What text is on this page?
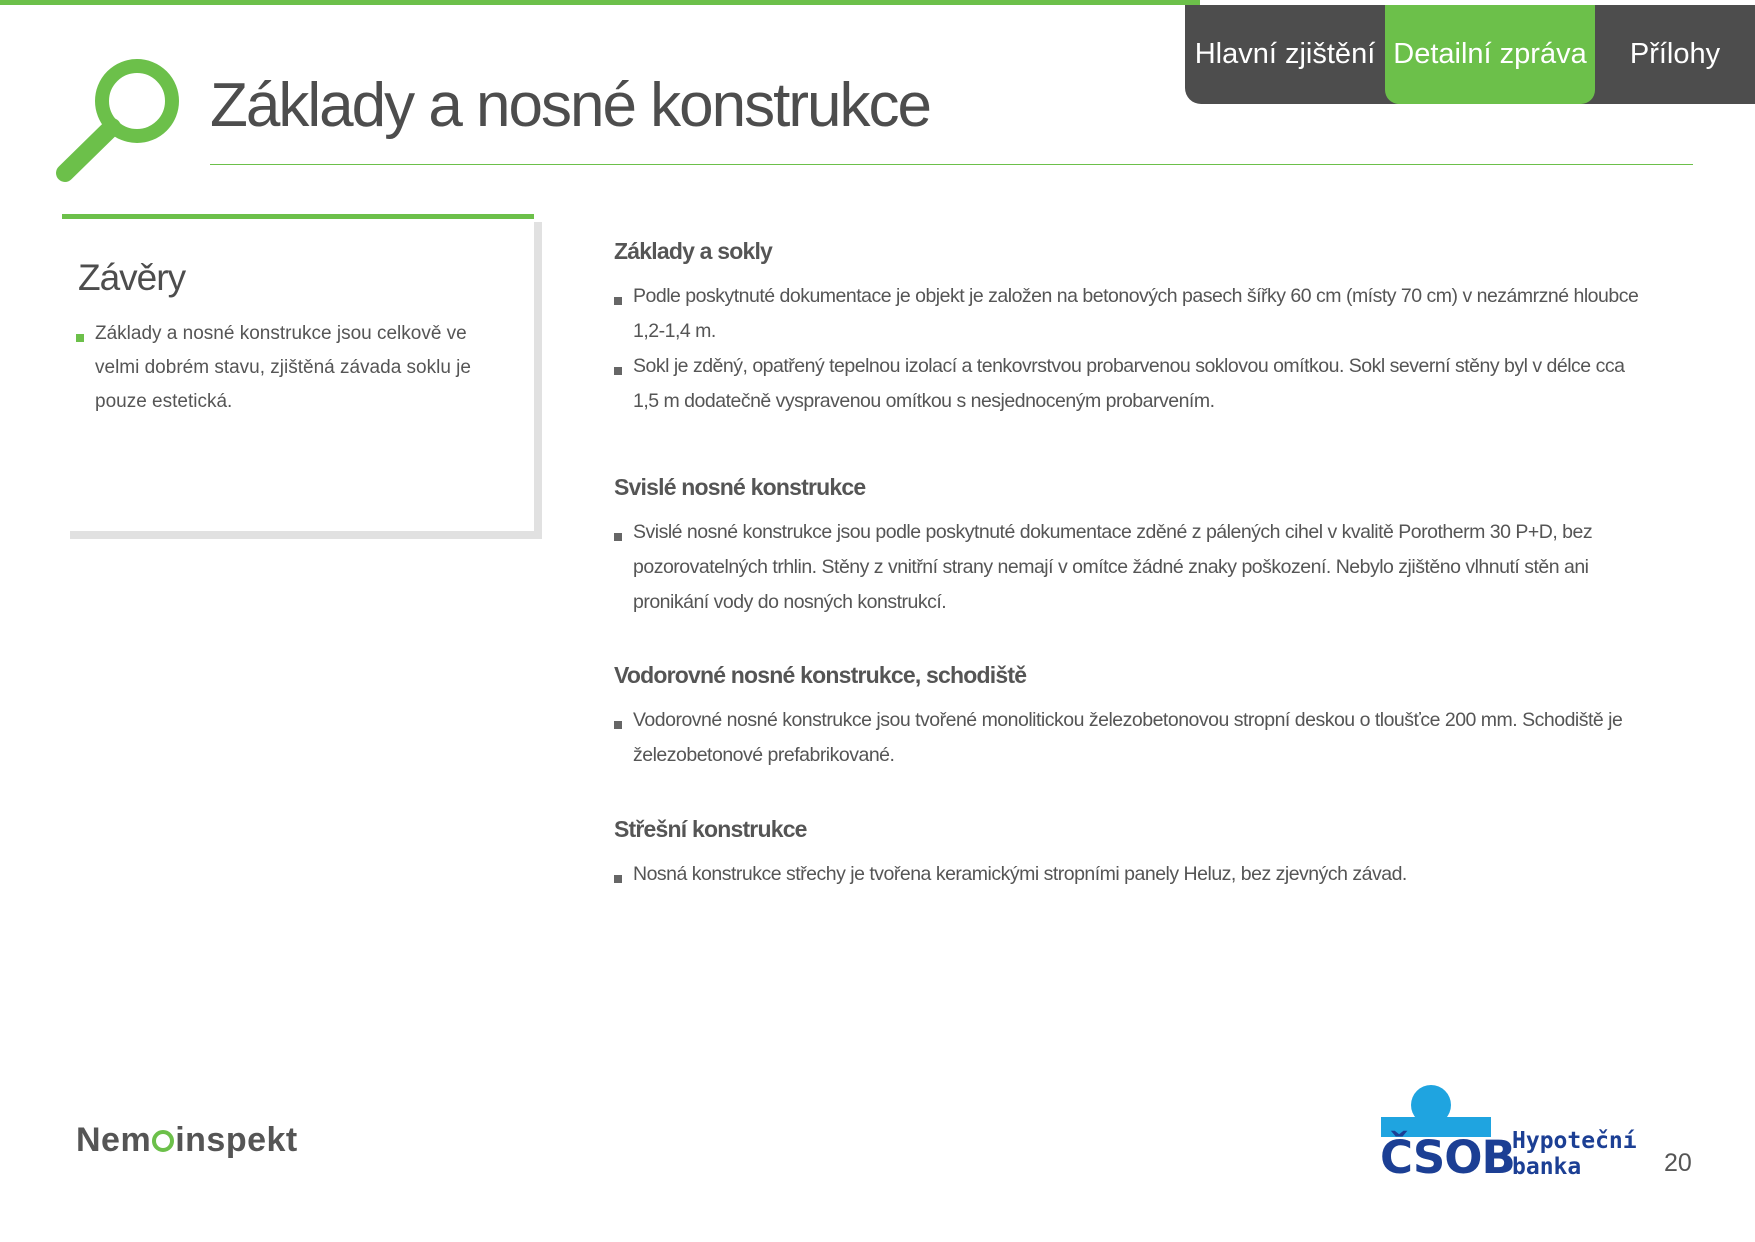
Hlavní zjištění Detailní zpráva	Přílohy
Základy a nosné konstrukce
Závěry
Základy a nosné konstrukce jsou celkově ve velmi dobrém stavu, zjištěná závada soklu je pouze estetická.
Základy a sokly
Podle poskytnuté dokumentace je objekt je založen na betonových pasech šířky 60 cm (místy 70 cm) v nezámrzné hloubce 1,2-1,4 m.
Sokl je zděný, opatřený tepelnou izolací a tenkovrstvou probarvenou soklovou omítkou. Sokl severní stěny byl v délce cca 1,5 m dodatečně vyspravenou omítkou s nesjednoceným probarvením.
Svislé nosné konstrukce
Svislé nosné konstrukce jsou podle poskytnuté dokumentace zděné z pálených cihel v kvalitě Porotherm 30 P+D, bez pozorovatelných trhlin. Stěny z vnitřní strany nemají v omítce žádné znaky poškození. Nebylo zjištěno vlhnutí stěn ani pronikání vody do nosných konstrukcí.
Vodorovné nosné konstrukce, schodiště
Vodorovné nosné konstrukce jsou tvořené monolitickou železobetonovou stropní deskou o tloušťce 200 mm. Schodiště je železobetonové prefabrikované.
Střešní konstrukce
Nosná konstrukce střechy je tvořena keramickými stropními panely Heluz, bez zjevných závad.
Nem inspekt	ČSOB
Hypoteční
banka	20
